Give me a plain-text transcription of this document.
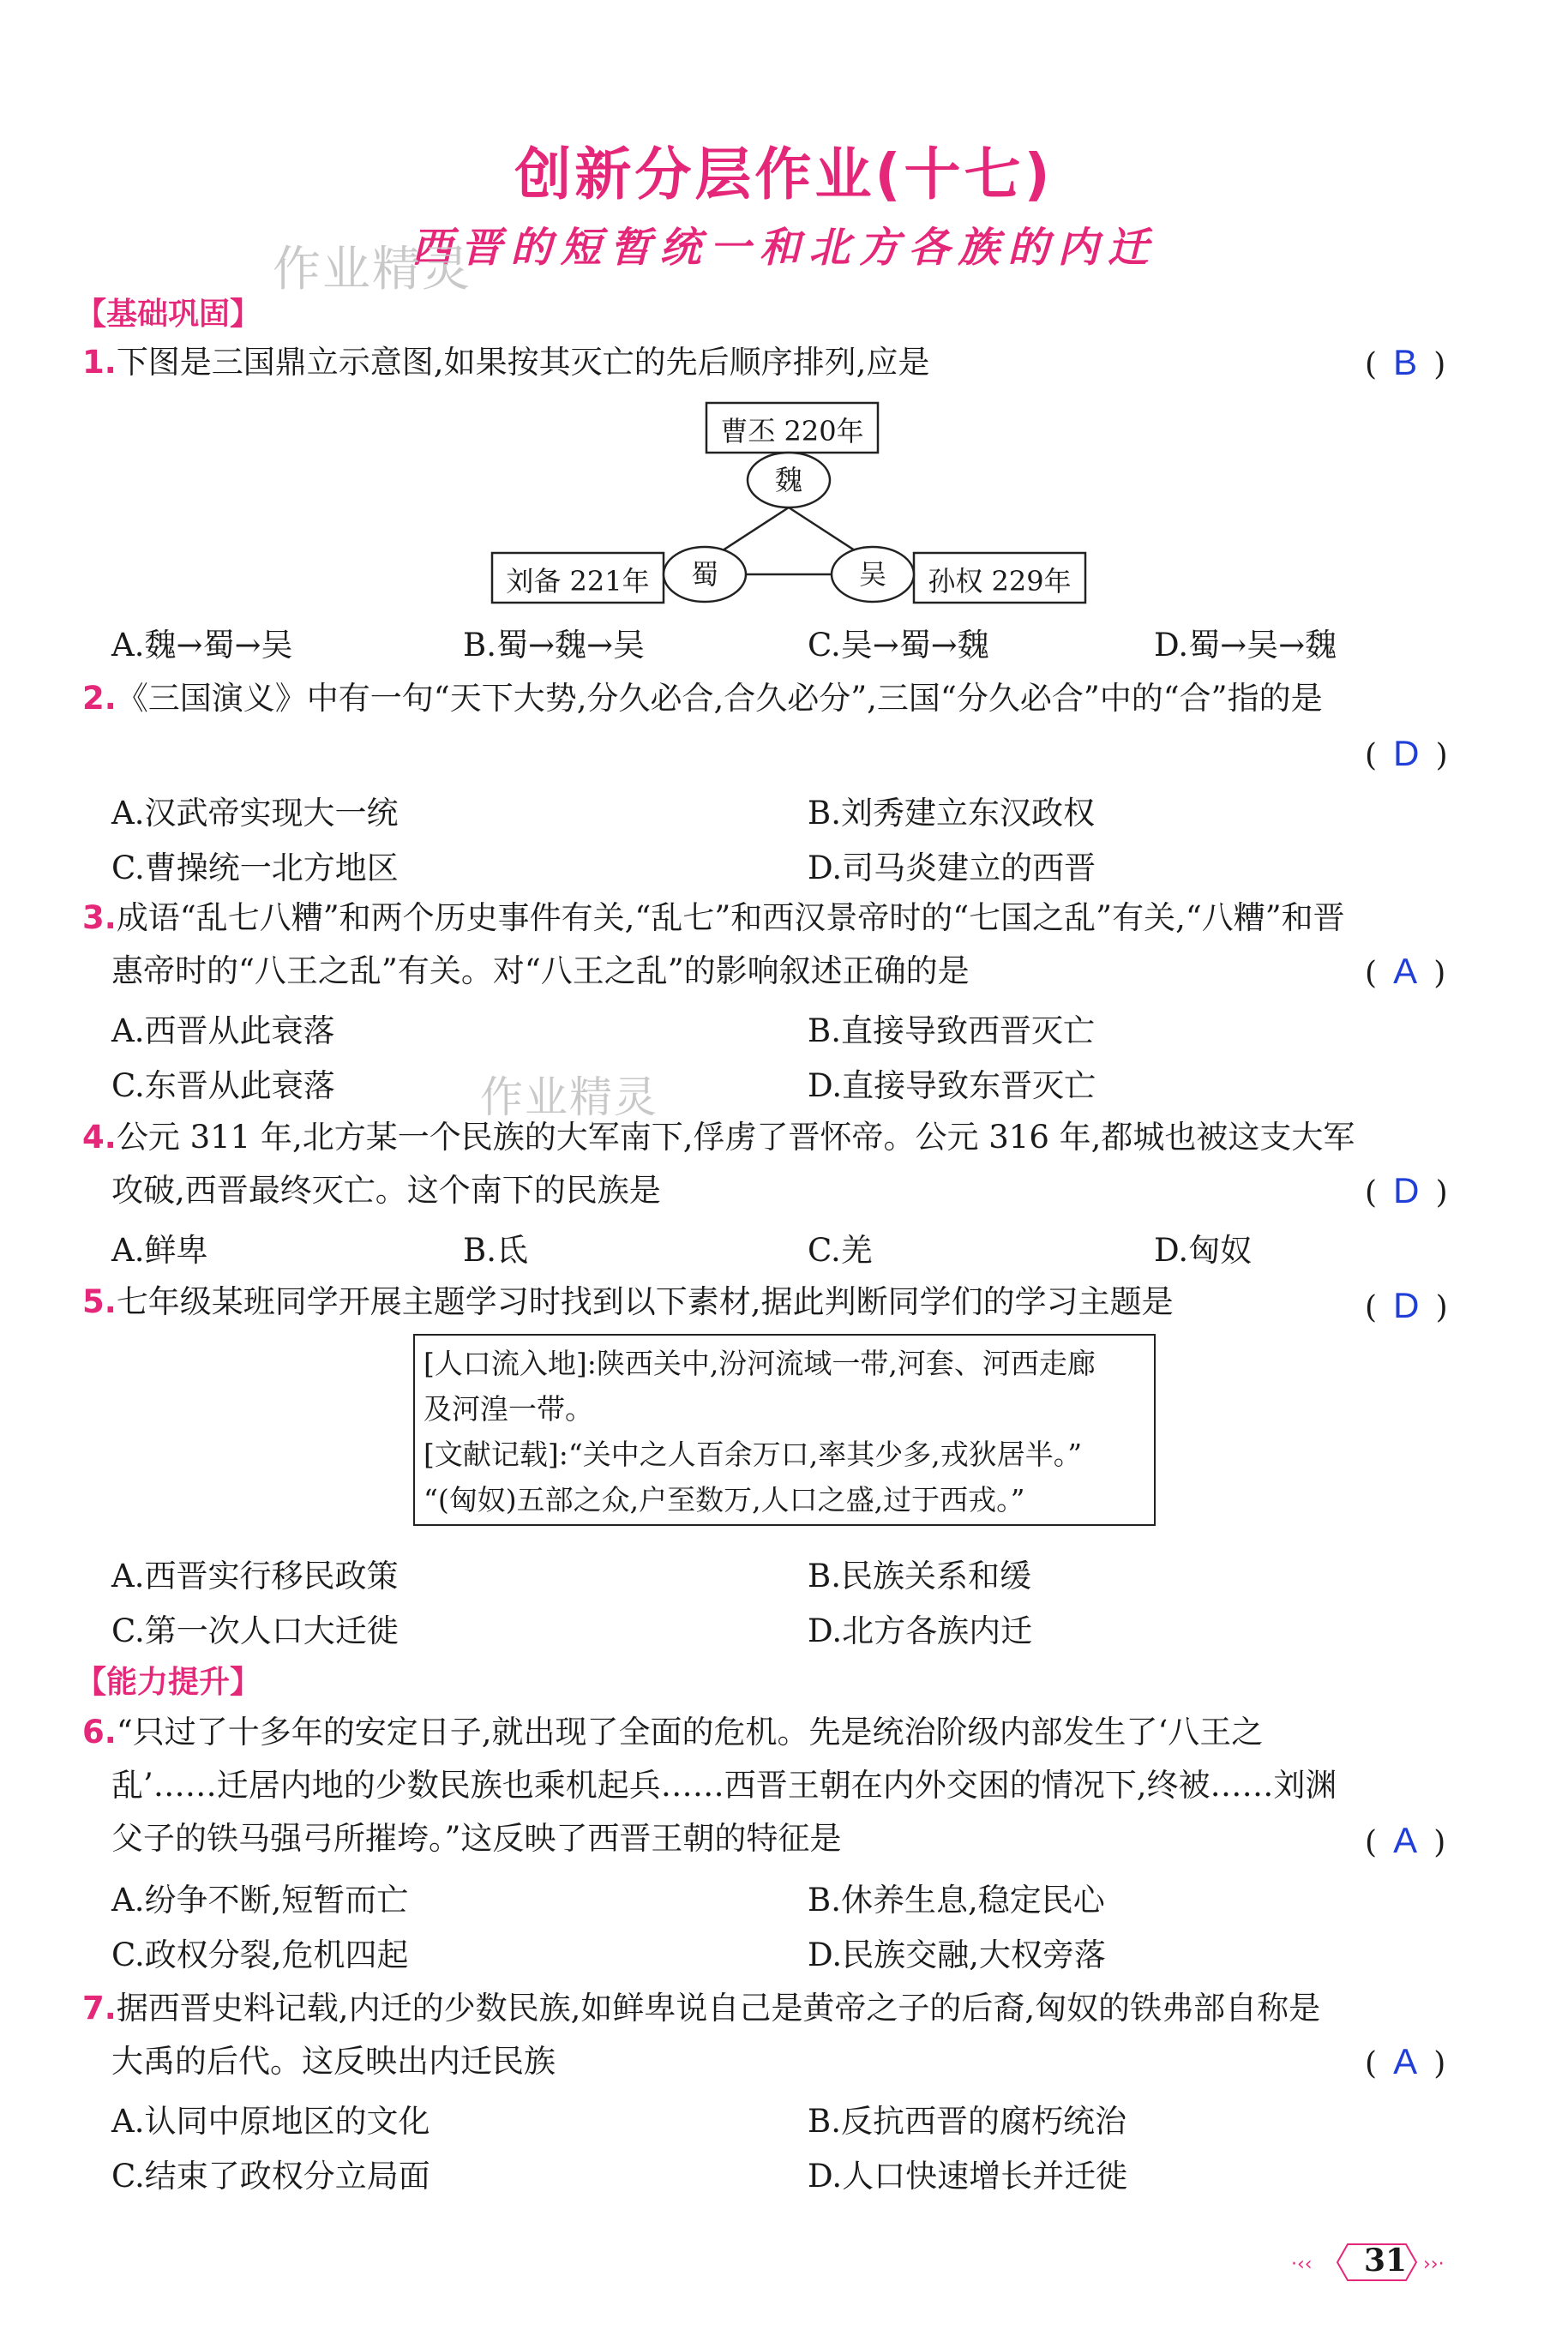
创新分层作业(十七)
西晋的短暂统一和北方各族的内迁
作业精灵
【基础巩固】
1.下图是三国鼎立示意图,如果按其灭亡的先后顺序排列,应是	( B )
曹丕 220年
刘备 221年	孙权 229年
魏
蜀	吴
A.魏→蜀→吴	B.蜀→魏→吴	C.吴→蜀→魏	D.蜀→吴→魏
2.《三国演义》中有一句“天下大势,分久必合,合久必分”,三国“分久必合”中的“合”指的是
( D )
A.汉武帝实现大一统	B.刘秀建立东汉政权
C.曹操统一北方地区	D.司马炎建立的西晋
3.成语“乱七八糟”和两个历史事件有关,“乱七”和西汉景帝时的“七国之乱”有关,“八糟”和晋
惠帝时的“八王之乱”有关。对“八王之乱”的影响叙述正确的是	( A )
A.西晋从此衰落	B.直接导致西晋灭亡
C.东晋从此衰落	D.直接导致东晋灭亡
作业精灵
4.公元 311 年,北方某一个民族的大军南下,俘虏了晋怀帝。公元 316 年,都城也被这支大军
攻破,西晋最终灭亡。这个南下的民族是	( D )
A.鲜卑	B.氐	C.羌	D.匈奴
5.七年级某班同学开展主题学习时找到以下素材,据此判断同学们的学习主题是	( D )
[人口流入地]:陕西关中,汾河流域一带,河套、河西走廊
及河湟一带。
[文献记载]:“关中之人百余万口,率其少多,戎狄居半。”
“(匈奴)五部之众,户至数万,人口之盛,过于西戎。”
A.西晋实行移民政策	B.民族关系和缓
C.第一次人口大迁徙	D.北方各族内迁
【能力提升】
6.“只过了十多年的安定日子,就出现了全面的危机。先是统治阶级内部发生了‘八王之
乱’……迁居内地的少数民族也乘机起兵……西晋王朝在内外交困的情况下,终被……刘渊
父子的铁马强弓所摧垮。”这反映了西晋王朝的特征是	( A )
A.纷争不断,短暂而亡	B.休养生息,稳定民心
C.政权分裂,危机四起	D.民族交融,大权旁落
7.据西晋史料记载,内迁的少数民族,如鲜卑说自己是黄帝之子的后裔,匈奴的铁弗部自称是
大禹的后代。这反映出内迁民族	( A )
A.认同中原地区的文化	B.反抗西晋的腐朽统治
C.结束了政权分立局面	D.人口快速增长并迁徙
·‹‹	››·
31
